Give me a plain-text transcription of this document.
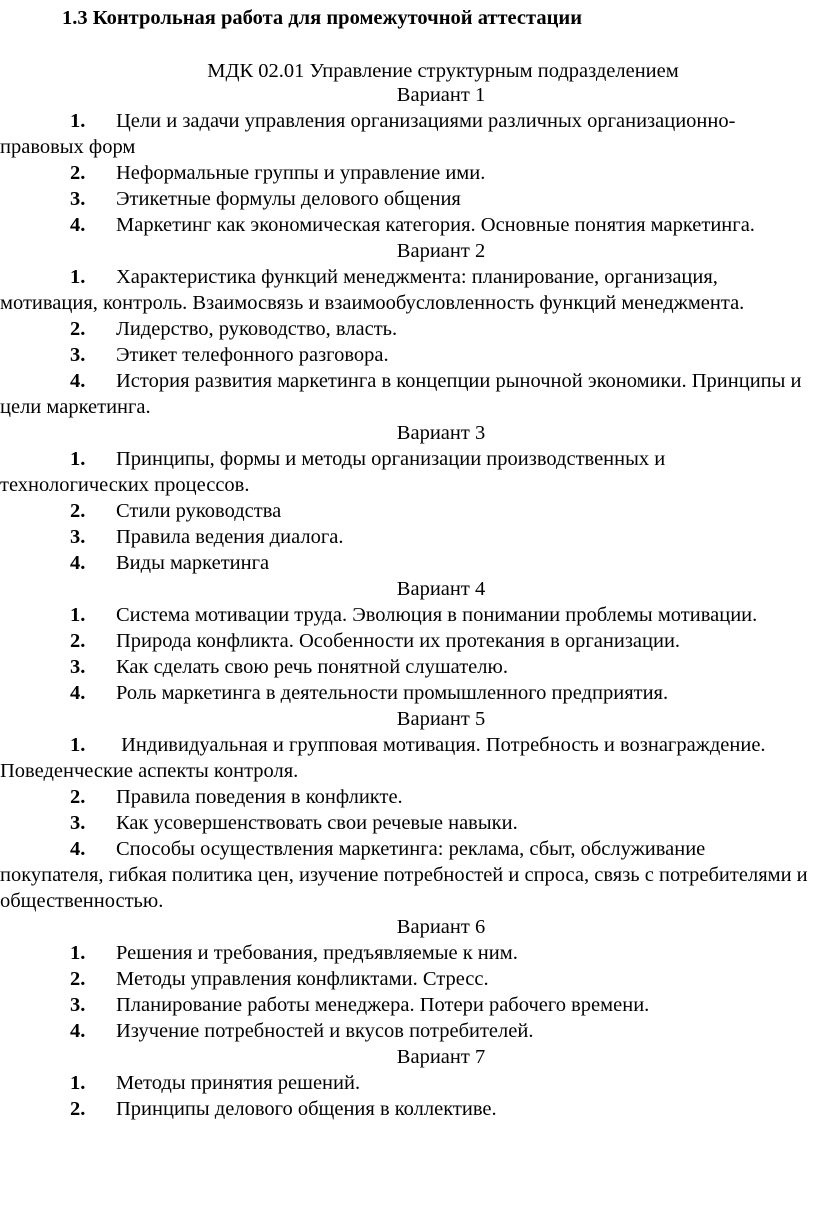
1.3 Контрольная работа для промежуточной аттестации
МДК 02.01 Управление структурным подразделением
Вариант 1

1. Цели и задачи управления организациями различных организационно-правовых форм

2. Неформальные группы и управление ими.

3. Этикетные формулы делового общения

4. Маркетинг как экономическая категория. Основные понятия маркетинга.

Вариант 2

1. Характеристика функций менеджмента: планирование, организация, мотивация, контроль. Взаимосвязь и взаимообусловленность функций менеджмента.

2. Лидерство, руководство, власть.

3. Этикет телефонного разговора.

4. История развития маркетинга в концепции рыночной экономики. Принципы и цели маркетинга.

Вариант 3

1. Принципы, формы и методы организации производственных и технологических процессов.

2. Стили руководства

3. Правила ведения диалога.

4. Виды маркетинга

Вариант 4

1. Система мотивации труда. Эволюция в понимании проблемы мотивации.

2. Природа конфликта. Особенности их протекания в организации.

3. Как сделать свою речь понятной слушателю.

4. Роль маркетинга в деятельности промышленного предприятия.

Вариант 5

1. Индивидуальная и групповая мотивация. Потребность и вознаграждение. Поведенческие аспекты контроля.

2. Правила поведения в конфликте.

3. Как усовершенствовать свои речевые навыки.

4. Способы осуществления маркетинга: реклама, сбыт, обслуживание покупателя, гибкая политика цен, изучение потребностей и спроса, связь с потребителями и общественностью.

Вариант 6

1. Решения и требования, предъявляемые к ним.

2. Методы управления конфликтами. Стресс.

3. Планирование работы менеджера. Потери рабочего времени.

4. Изучение потребностей и вкусов потребителей.

Вариант 7

1. Методы принятия решений.

2. Принципы делового общения в коллективе.
